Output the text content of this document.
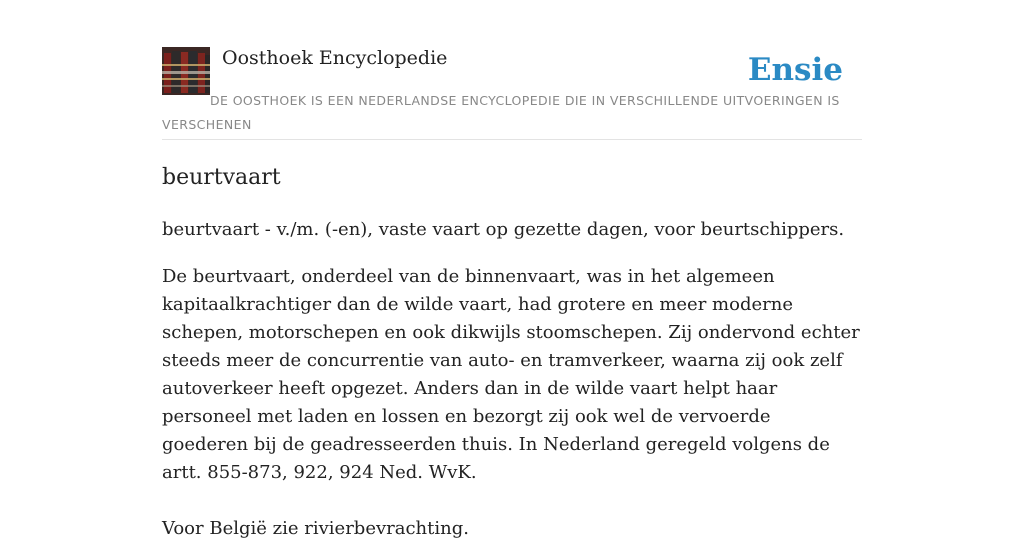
Oosthoek Encyclopedie	Ensie
DE OOSTHOEK IS EEN NEDERLANDSE ENCYCLOPEDIE DIE IN VERSCHILLENDE UITVOERINGEN IS VERSCHENEN
beurtvaart
beurtvaart - v./m. (-en), vaste vaart op gezette dagen, voor beurtschippers.

De beurtvaart, onderdeel van de binnenvaart, was in het algemeen kapitaalkrachtiger dan de wilde vaart, had grotere en meer moderne schepen, motorschepen en ook dikwijls stoomschepen. Zij ondervond echter steeds meer de concurrentie van auto- en tramverkeer, waarna zij ook zelf autoverkeer heeft opgezet. Anders dan in de wilde vaart helpt haar personeel met laden en lossen en bezorgt zij ook wel de vervoerde goederen bij de geadresseerden thuis. In Nederland geregeld volgens de artt. 855-873, 922, 924 Ned. WvK.

Voor België zie rivierbevrachting.
